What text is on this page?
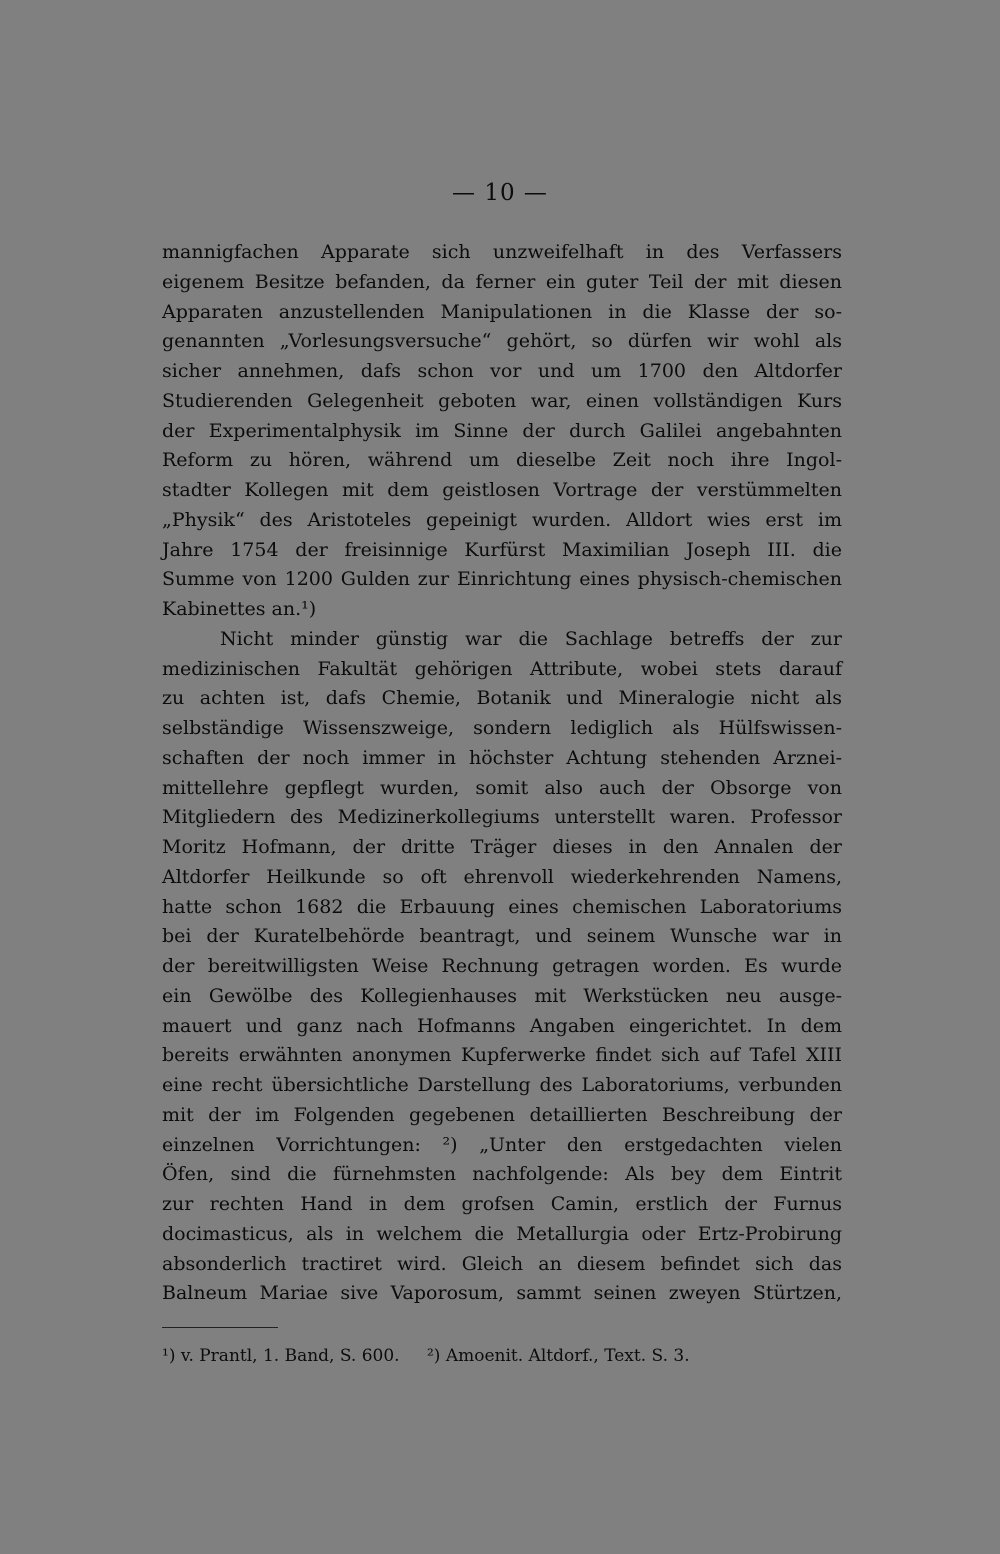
— 10 —
mannigfachen Apparate sich unzweifelhaft in des Verfassers
eigenem Besitze befanden, da ferner ein guter Teil der mit diesen
Apparaten anzustellenden Manipulationen in die Klasse der so-
genannten „Vorlesungsversuche“ gehört, so dürfen wir wohl als
sicher annehmen, dafs schon vor und um 1700 den Altdorfer
Studierenden Gelegenheit geboten war, einen vollständigen Kurs
der Experimentalphysik im Sinne der durch Galilei angebahnten
Reform zu hören, während um dieselbe Zeit noch ihre Ingol-
stadter Kollegen mit dem geistlosen Vortrage der verstümmelten
„Physik“ des Aristoteles gepeinigt wurden. Alldort wies erst im
Jahre 1754 der freisinnige Kurfürst Maximilian Joseph III. die
Summe von 1200 Gulden zur Einrichtung eines physisch-chemischen
Kabinettes an.¹)
Nicht minder günstig war die Sachlage betreffs der zur
medizinischen Fakultät gehörigen Attribute, wobei stets darauf
zu achten ist, dafs Chemie, Botanik und Mineralogie nicht als
selbständige Wissenszweige, sondern lediglich als Hülfswissen-
schaften der noch immer in höchster Achtung stehenden Arznei-
mittellehre gepflegt wurden, somit also auch der Obsorge von
Mitgliedern des Medizinerkollegiums unterstellt waren. Professor
Moritz Hofmann, der dritte Träger dieses in den Annalen der
Altdorfer Heilkunde so oft ehrenvoll wiederkehrenden Namens,
hatte schon 1682 die Erbauung eines chemischen Laboratoriums
bei der Kuratelbehörde beantragt, und seinem Wunsche war in
der bereitwilligsten Weise Rechnung getragen worden. Es wurde
ein Gewölbe des Kollegienhauses mit Werkstücken neu ausge-
mauert und ganz nach Hofmanns Angaben eingerichtet. In dem
bereits erwähnten anonymen Kupferwerke findet sich auf Tafel XIII
eine recht übersichtliche Darstellung des Laboratoriums, verbunden
mit der im Folgenden gegebenen detaillierten Beschreibung der
einzelnen Vorrichtungen: ²) „Unter den erstgedachten vielen
Öfen, sind die fürnehmsten nachfolgende: Als bey dem Eintrit
zur rechten Hand in dem grofsen Camin, erstlich der Furnus
docimasticus, als in welchem die Metallurgia oder Ertz-Probirung
absonderlich tractiret wird. Gleich an diesem befindet sich das
Balneum Mariae sive Vaporosum, sammt seinen zweyen Stürtzen,
¹) v. Prantl, 1. Band, S. 600. ²) Amoenit. Altdorf., Text. S. 3.
